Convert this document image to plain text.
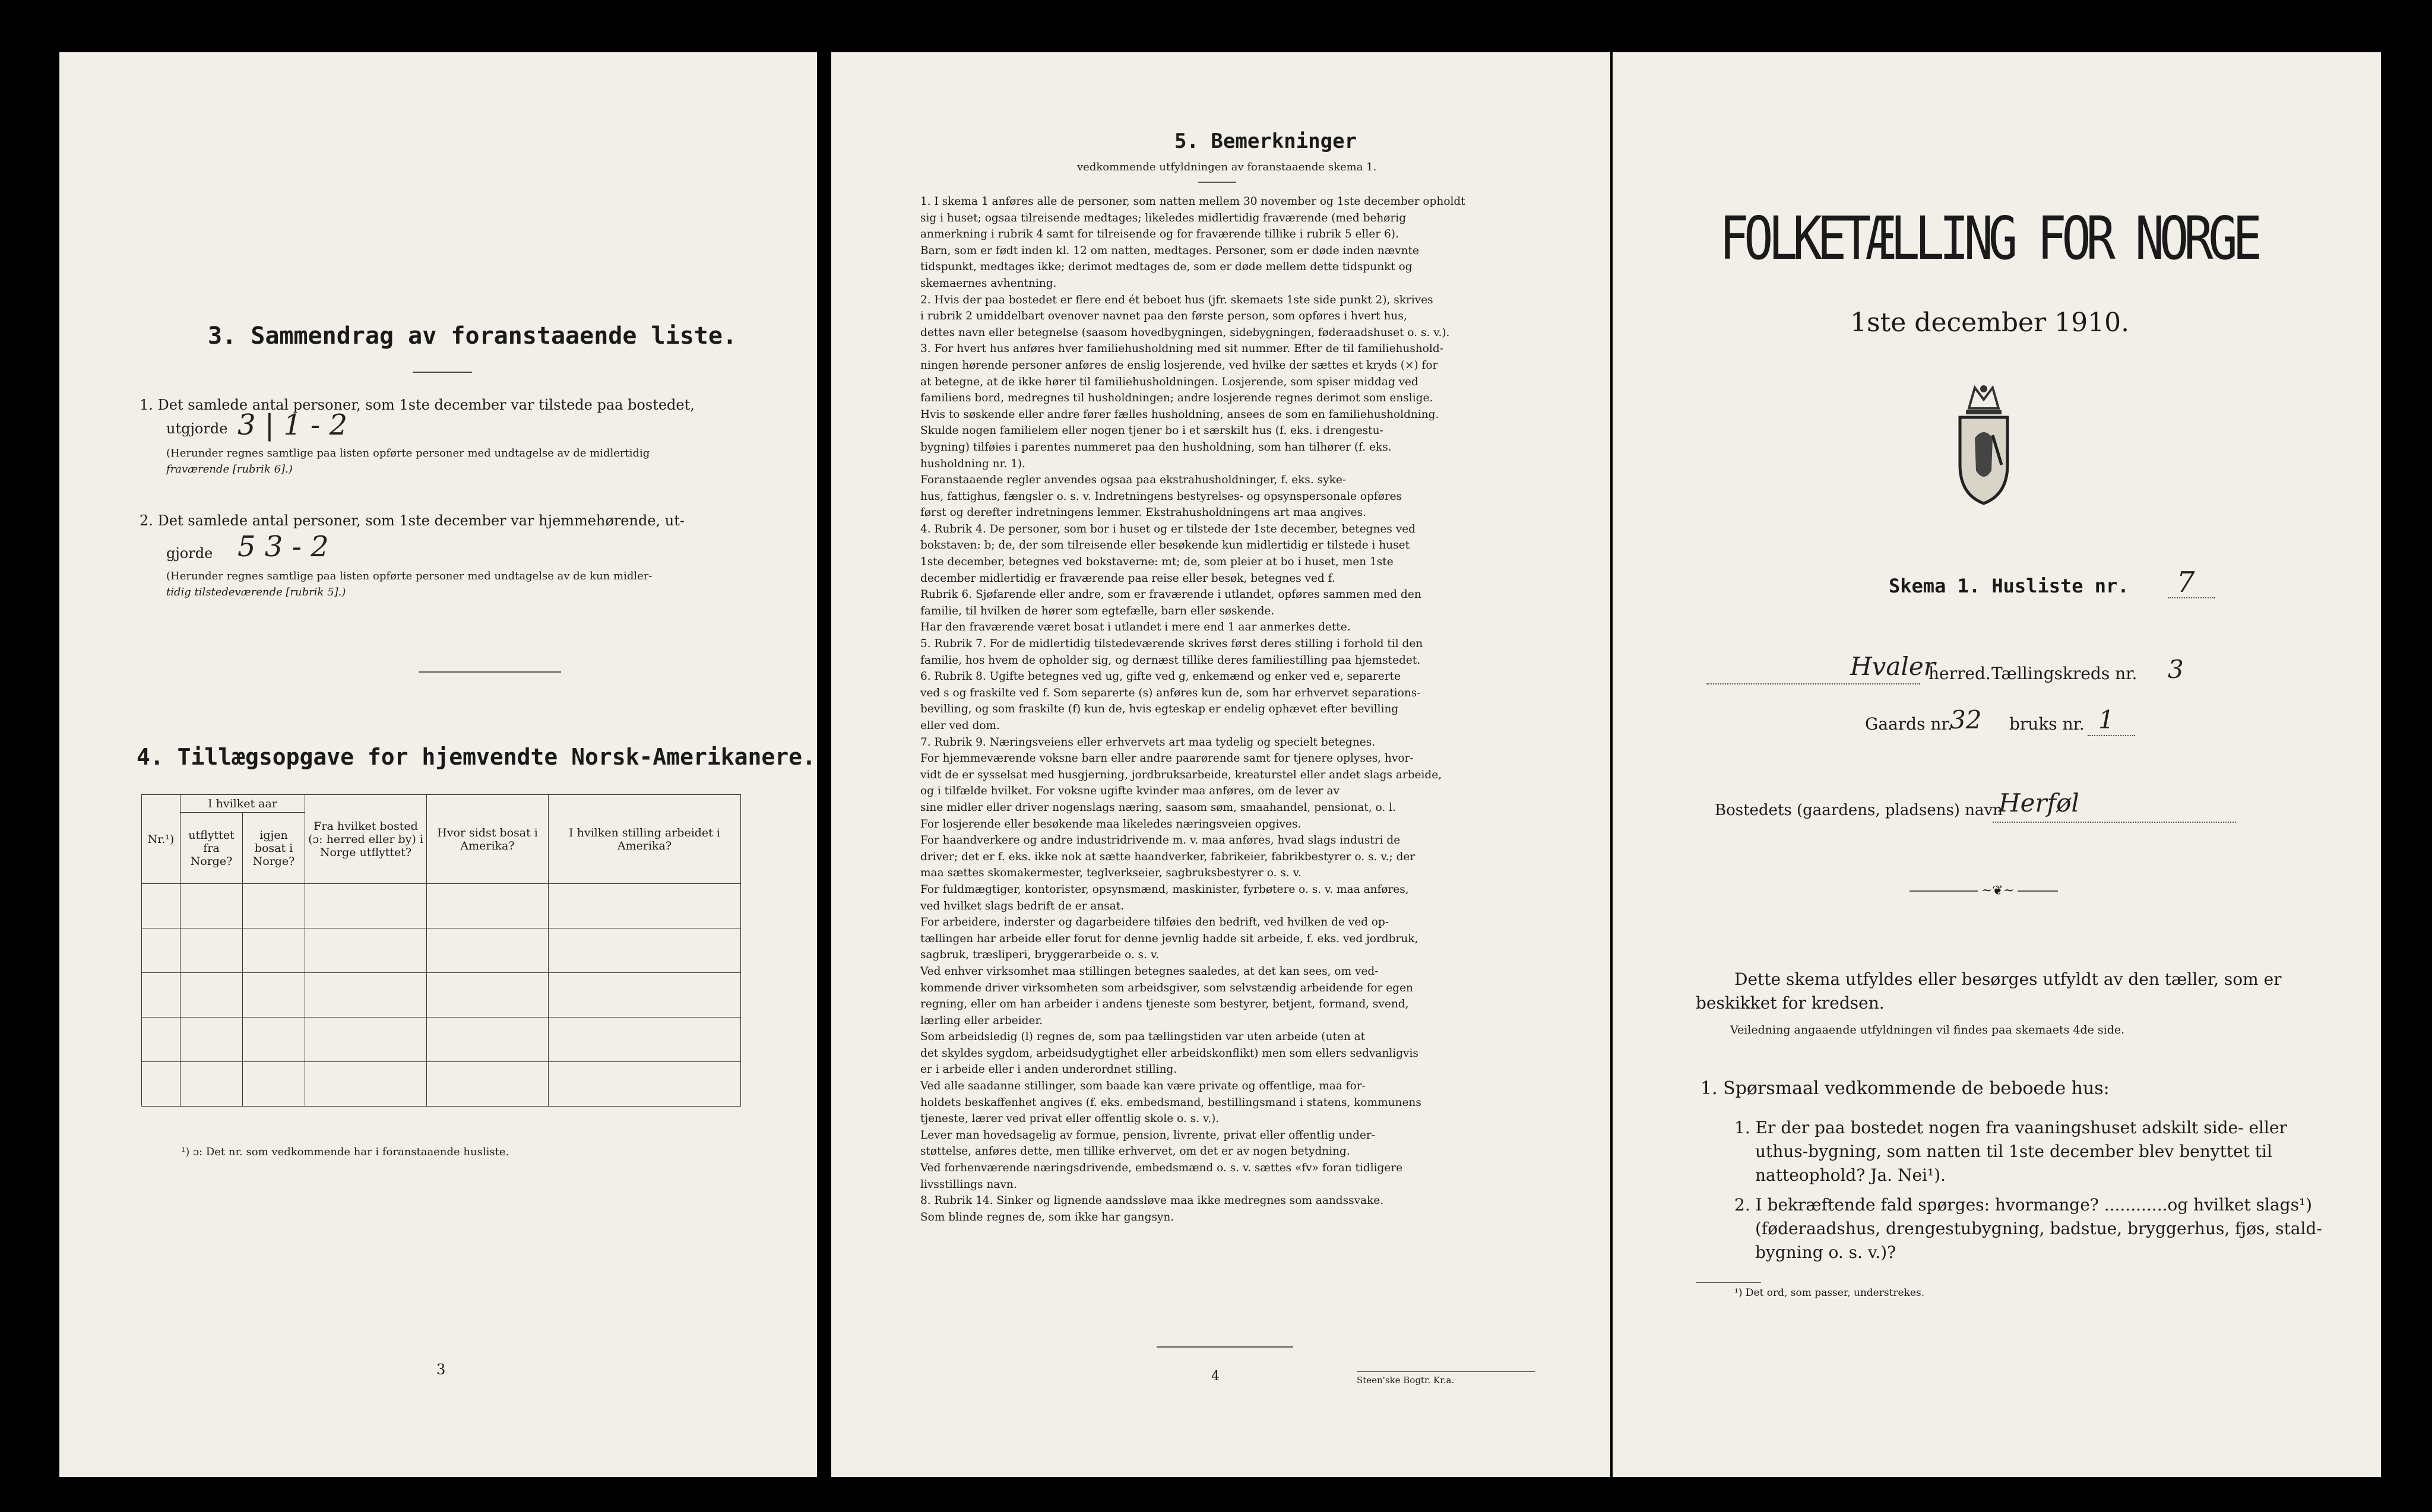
3. Sammendrag av foranstaaende liste.
1. Det samlede antal personer, som 1ste december var tilstede paa bostedet,
utgjorde 3 | 1 - 2
(Herunder regnes samtlige paa listen opførte personer med undtagelse av de midlertidig
fraværende [rubrik 6].)
2. Det samlede antal personer, som 1ste december var hjemmehørende, ut-
gjorde 5 3 - 2
(Herunder regnes samtlige paa listen opførte personer med undtagelse av de kun midler-
tidig tilstedeværende [rubrik 5].)
4. Tillægsopgave for hjemvendte Norsk-Amerikanere.
Nr.¹)	I hvilket aar		Fra hvilket bosted (ɔ: herred eller by) i Norge utflyttet?	Hvor sidst bosat i Amerika?	I hvilken stilling arbeidet i Amerika?
	utflyttet fra Norge?	igjen bosat i Norge?			

¹) ɔ: Det nr. som vedkommende har i foranstaaende husliste.
3
5. Bemerkninger
vedkommende utfyldningen av foranstaaende skema 1.
1. I skema 1 anføres alle de personer, som natten mellem 30 november og 1ste december opholdt
sig i huset; ogsaa tilreisende medtages; likeledes midlertidig fraværende (med behørig
anmerkning i rubrik 4 samt for tilreisende og for fraværende tillike i rubrik 5 eller 6).
Barn, som er født inden kl. 12 om natten, medtages. Personer, som er døde inden nævnte
tidspunkt, medtages ikke; derimot medtages de, som er døde mellem dette tidspunkt og
skemaernes avhentning.
2. Hvis der paa bostedet er flere end ét beboet hus (jfr. skemaets 1ste side punkt 2), skrives
i rubrik 2 umiddelbart ovenover navnet paa den første person, som opføres i hvert hus,
dettes navn eller betegnelse (saasom hovedbygningen, sidebygningen, føderaadshuset o. s. v.).
3. For hvert hus anføres hver familiehusholdning med sit nummer. Efter de til familiehushold-
ningen hørende personer anføres de enslig losjerende, ved hvilke der sættes et kryds (×) for
at betegne, at de ikke hører til familiehusholdningen. Losjerende, som spiser middag ved
familiens bord, medregnes til husholdningen; andre losjerende regnes derimot som enslige.
Hvis to søskende eller andre fører fælles husholdning, ansees de som en familiehusholdning.
Skulde nogen familielem eller nogen tjener bo i et særskilt hus (f. eks. i drengestu-
bygning) tilføies i parentes nummeret paa den husholdning, som han tilhører (f. eks.
husholdning nr. 1).
Foranstaaende regler anvendes ogsaa paa ekstrahusholdninger, f. eks. syke-
hus, fattighus, fængsler o. s. v. Indretningens bestyrelses- og opsynspersonale opføres
først og derefter indretningens lemmer. Ekstrahusholdningens art maa angives.
4. Rubrik 4. De personer, som bor i huset og er tilstede der 1ste december, betegnes ved
bokstaven: b; de, der som tilreisende eller besøkende kun midlertidig er tilstede i huset
1ste december, betegnes ved bokstaverne: mt; de, som pleier at bo i huset, men 1ste
december midlertidig er fraværende paa reise eller besøk, betegnes ved f.
Rubrik 6. Sjøfarende eller andre, som er fraværende i utlandet, opføres sammen med den
familie, til hvilken de hører som egtefælle, barn eller søskende.
Har den fraværende været bosat i utlandet i mere end 1 aar anmerkes dette.
5. Rubrik 7. For de midlertidig tilstedeværende skrives først deres stilling i forhold til den
familie, hos hvem de opholder sig, og dernæst tillike deres familiestilling paa hjemstedet.
6. Rubrik 8. Ugifte betegnes ved ug, gifte ved g, enkemænd og enker ved e, separerte
ved s og fraskilte ved f. Som separerte (s) anføres kun de, som har erhvervet separations-
bevilling, og som fraskilte (f) kun de, hvis egteskap er endelig ophævet efter bevilling
eller ved dom.
7. Rubrik 9. Næringsveiens eller erhvervets art maa tydelig og specielt betegnes.
For hjemmeværende voksne barn eller andre paarørende samt for tjenere oplyses, hvor-
vidt de er sysselsat med husgjerning, jordbruksarbeide, kreaturstel eller andet slags arbeide,
og i tilfælde hvilket. For voksne ugifte kvinder maa anføres, om de lever av
sine midler eller driver nogenslags næring, saasom søm, smaahandel, pensionat, o. l.
For losjerende eller besøkende maa likeledes næringsveien opgives.
For haandverkere og andre industridrivende m. v. maa anføres, hvad slags industri de
driver; det er f. eks. ikke nok at sætte haandverker, fabrikeier, fabrikbestyrer o. s. v.; der
maa sættes skomakermester, teglverkseier, sagbruksbestyrer o. s. v.
For fuldmægtiger, kontorister, opsynsmænd, maskinister, fyrbøtere o. s. v. maa anføres,
ved hvilket slags bedrift de er ansat.
For arbeidere, inderster og dagarbeidere tilføies den bedrift, ved hvilken de ved op-
tællingen har arbeide eller forut for denne jevnlig hadde sit arbeide, f. eks. ved jordbruk,
sagbruk, træsliperi, bryggerarbeide o. s. v.
Ved enhver virksomhet maa stillingen betegnes saaledes, at det kan sees, om ved-
kommende driver virksomheten som arbeidsgiver, som selvstændig arbeidende for egen
regning, eller om han arbeider i andens tjeneste som bestyrer, betjent, formand, svend,
lærling eller arbeider.
Som arbeidsledig (l) regnes de, som paa tællingstiden var uten arbeide (uten at
det skyldes sygdom, arbeidsudygtighet eller arbeidskonflikt) men som ellers sedvanligvis
er i arbeide eller i anden underordnet stilling.
Ved alle saadanne stillinger, som baade kan være private og offentlige, maa for-
holdets beskaffenhet angives (f. eks. embedsmand, bestillingsmand i statens, kommunens
tjeneste, lærer ved privat eller offentlig skole o. s. v.).
Lever man hovedsagelig av formue, pension, livrente, privat eller offentlig under-
støttelse, anføres dette, men tillike erhvervet, om det er av nogen betydning.
Ved forhenværende næringsdrivende, embedsmænd o. s. v. sættes «fv» foran tidligere
livsstillings navn.
8. Rubrik 14. Sinker og lignende aandssløve maa ikke medregnes som aandssvake.
Som blinde regnes de, som ikke har gangsyn.
4	Steen'ske Bogtr. Kr.a.
FOLKETÆLLING FOR NORGE
1ste december 1910.
Skema 1. Husliste nr. 7
Hvaler
herred. Tællingskreds nr. 3
Gaards nr.
32 bruks nr. 1
Bostedets (gaardens, pladsens) navn
Herføl
~❦~
Dette skema utfyldes eller besørges utfyldt av den tæller, som er
beskikket for kredsen.
Veiledning angaaende utfyldningen vil findes paa skemaets 4de side.
1. Spørsmaal vedkommende de beboede hus:
1. Er der paa bostedet nogen fra vaaningshuset adskilt side- eller
uthus-bygning, som natten til 1ste december blev benyttet til
natteophold? Ja. Nei¹).
2. I bekræftende fald spørges: hvormange? ............og hvilket slags¹)
(føderaadshus, drengestubygning, badstue, bryggerhus, fjøs, stald-
bygning o. s. v.)?
¹) Det ord, som passer, understrekes.
